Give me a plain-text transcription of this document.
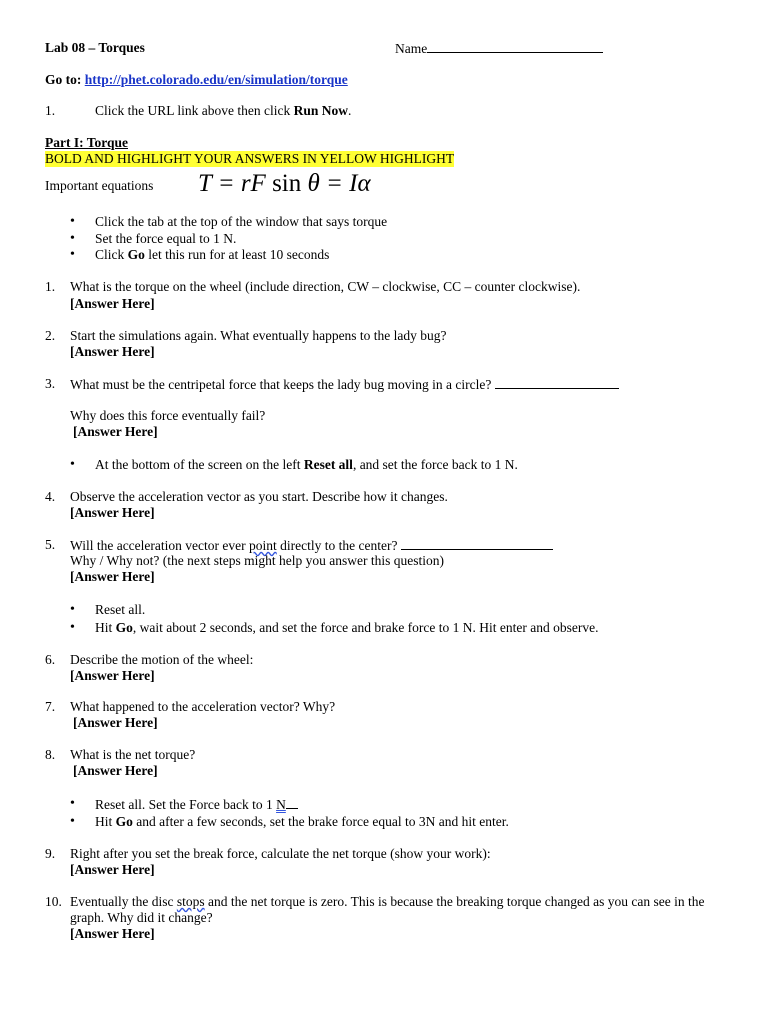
Lab 08 – Torques	Name
Go to: http://phet.colorado.edu/en/simulation/torque
1.	Click the URL link above then click Run Now.
Part I: Torque
BOLD AND HIGHLIGHT YOUR ANSWERS IN YELLOW HIGHLIGHT
Important equations T = rF sin θ = Iα
• Click the tab at the top of the window that says torque
• Set the force equal to 1 N.
• Click Go let this run for at least 10 seconds
1. What is the torque on the wheel (include direction, CW – clockwise, CC – counter clockwise).
[Answer Here]
2. Start the simulations again. What eventually happens to the lady bug?
[Answer Here]
3. What must be the centripetal force that keeps the lady bug moving in a circle?
Why does this force eventually fail?
[Answer Here]
• At the bottom of the screen on the left Reset all, and set the force back to 1 N.
4. Observe the acceleration vector as you start. Describe how it changes.
[Answer Here]
5. Will the acceleration vector ever point directly to the center?
Why / Why not? (the next steps might help you answer this question)
[Answer Here]
• Reset all.
• Hit Go, wait about 2 seconds, and set the force and brake force to 1 N. Hit enter and observe.
6. Describe the motion of the wheel:
[Answer Here]
7. What happened to the acceleration vector? Why?
[Answer Here]
8. What is the net torque?
[Answer Here]
• Reset all. Set the Force back to 1 N
• Hit Go and after a few seconds, set the brake force equal to 3N and hit enter.
9. Right after you set the break force, calculate the net torque (show your work):
[Answer Here]
10. Eventually the disc stops and the net torque is zero. This is because the breaking torque changed as you can see in the
graph. Why did it change?
[Answer Here]
